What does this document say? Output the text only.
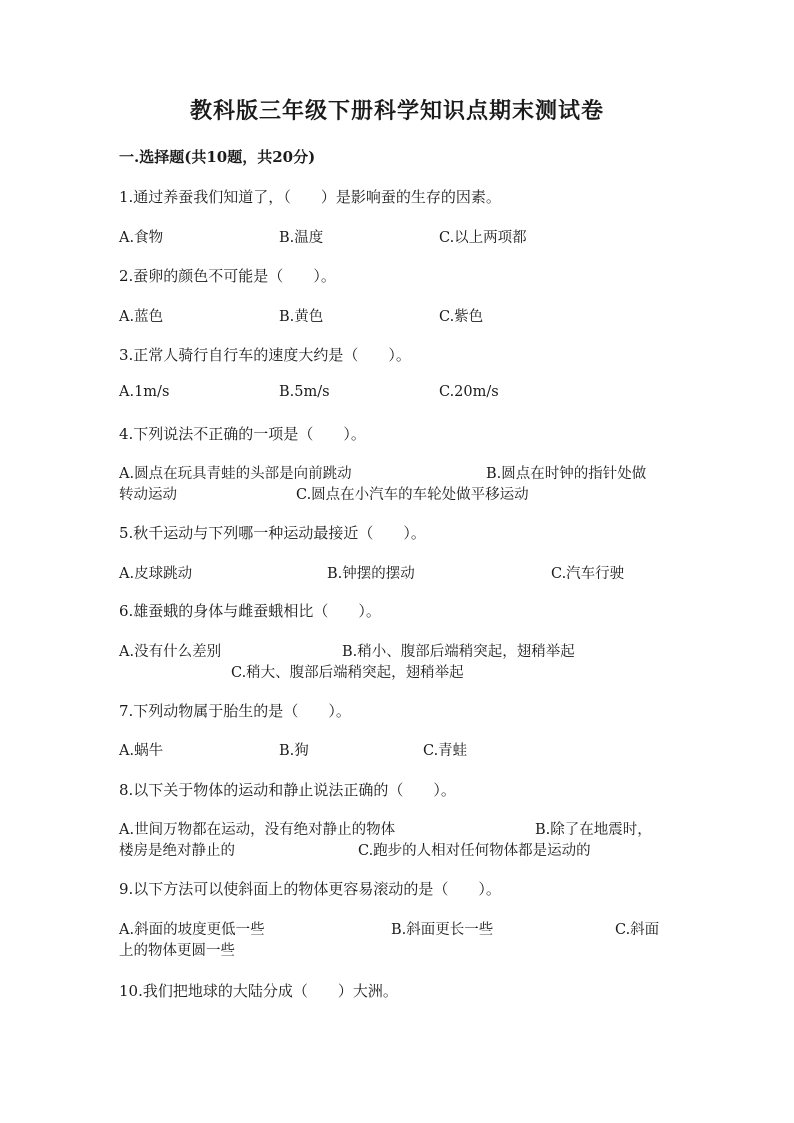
教科版三年级下册科学知识点期末测试卷
一.选择题(共10题，共20分)
1.通过养蚕我们知道了，（　　）是影响蚕的生存的因素。
A.食物	B.温度	C.以上两项都
2.蚕卵的颜色不可能是（　　）。
A.蓝色	B.黄色	C.紫色
3.正常人骑行自行车的速度大约是（　　）。
A.1m/s	B.5m/s	C.20m/s
4.下列说法不正确的一项是（　　）。
A.圆点在玩具青蛙的头部是向前跳动	B.圆点在时钟的指针处做
转动运动	C.圆点在小汽车的车轮处做平移运动
5.秋千运动与下列哪一种运动最接近（　　）。
A.皮球跳动	B.钟摆的摆动	C.汽车行驶
6.雄蚕蛾的身体与雌蚕蛾相比（　　）。
A.没有什么差别	B.稍小、腹部后端稍突起，翅稍举起
C.稍大、腹部后端稍突起，翅稍举起
7.下列动物属于胎生的是（　　）。
A.蜗牛	B.狗	C.青蛙
8.以下关于物体的运动和静止说法正确的（　　）。
A.世间万物都在运动，没有绝对静止的物体	B.除了在地震时，
楼房是绝对静止的	C.跑步的人相对任何物体都是运动的
9.以下方法可以使斜面上的物体更容易滚动的是（　　）。
A.斜面的坡度更低一些	B.斜面更长一些	C.斜面
上的物体更圆一些
10.我们把地球的大陆分成（　　）大洲。
